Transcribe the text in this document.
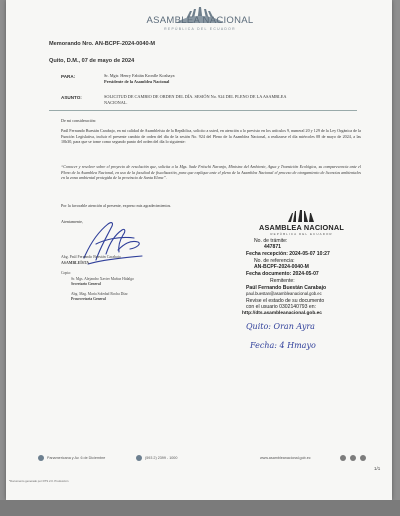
ASAMBLEA NACIONAL
REPÚBLICA DEL ECUADOR
Memorando Nro. AN-BCPF-2024-0040-M
Quito, D.M., 07 de mayo de 2024
PARA:	Sr. Mgtr. Henry Fabián Kronfle Kozhaya
Presidente de la Asamblea Nacional
ASUNTO:	SOLICITUD DE CAMBIO DE ORDEN DEL DÍA. SESIÓN No. 924 DEL PLENO DE LA ASAMBLEA
NACIONAL.
De mi consideración:
Paúl Fernando Buestán Carabajo, en mi calidad de Asambleísta de la República, solicito a usted, en atención a lo previsto en los artículos 9, numeral 20 y 129 de la Ley Orgánica de la Función Legislativa, incluir el presente cambio de orden del día de la sesión No. 924 del Pleno de la Asamblea Nacional, a realizarse el día miércoles 08 de mayo de 2024, a las 10h30, para que se tome como segundo punto del orden del día lo siguiente:
“Conocer y resolver sobre el proyecto de resolución que, solicita a la Mgs. Sade Fritschi Naranjo, Ministra del Ambiente, Agua y Transición Ecológica, su comparecencia ante el Pleno de la Asamblea Nacional, en uso de la facultad de fiscalización, para que explique ante el pleno de la Asamblea Nacional el proceso de otorgamiento de licencias ambientales en la zona ambiental protegida de la provincia de Santa Elena”.
Por la favorable atención al presente, expreso mis agradecimientos.
Atentamente,
Abg. Paúl Fernando Buestán Carabajo
ASAMBLEÍSTA
Copia:
Sr. Mgs. Alejandro Xavier Muñoz Hidalgo
Secretario General
Abg. Mag. María Soledad Rocha Díaz
Prosecretaria General
ASAMBLEA NACIONAL
REPÚBLICA DEL ECUADOR
No. de trámite:
447871
Fecha recepción: 2024-05-07 10:27
No. de referencia:
AN-BCPF-2024-0040-M
Fecha documento: 2024-05-07
Remitente:
Paúl Fernando Buestán Carabajo
paul.buestan@asambleanacional.gob.ec
Revise el estado de su documento
con el usuario 0302140793 en:
http://dts.asambleanacional.gob.ec
Quito: Oran Ayra
Fecha: 4 Hmayo
Panamericana y Av. 6 de Diciembre	(593 2) 2399 - 1000	www.asambleanacional.gob.ec
*Documento generado por DTS 2.0. Producción
1/1
